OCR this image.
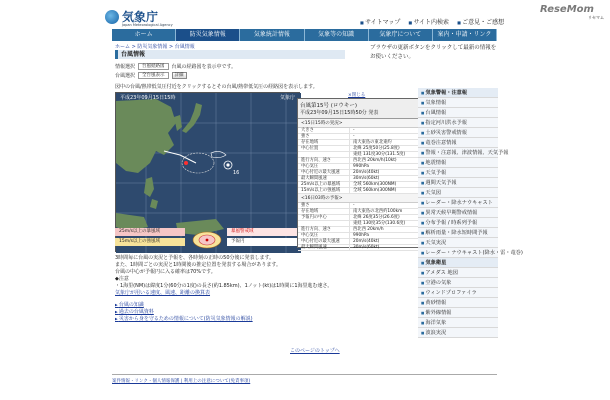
気象庁
Japan Meteorological Agency	■ サイトマップ	■ サイト内検索	■ ご意見・ご感想
ReseMom
リセマム
ホーム	防災気象情報	気象統計情報	気象等の知識	気象庁について	案内・申請・リンク
ホーム > 防災気象情報 > 台風情報
台風情報
情報選択	台風経路図	台風の経路図を表示中です。
台風選択	全台風表示	詳細
図中の台風/熱帯低気圧付近をクリックするとその台風/熱帯低気圧の経路図を表示します。
16
平成23年09月15日15時	気象庁
25m/s以上の暴風域
15m/s以上の強風域
暴風警戒域
予報円
×閉じる
台風第15号 (ロウキー)
平成23年09月15日15時50分 発表
<15日15時の実況>
大きさ	-
強さ	-
存在地域	南大東島の東北東約
中心位置	北緯 25度50分(25.8度)
東経 131度30分(131.5度)
進行方向、速さ	西北西 20km/h(10kt)
中心気圧	990hPa
中心付近の最大風速	20m/s(40kt)
最大瞬間風速	30m/s(60kt)
25m/s以上の暴風域	全域 560km(300NM)
15m/s以上の強風域	全域 560km(300NM)
<16日03時の予報>
強さ	-
存在地域	南大東島の北西約100km
予報円の中心	北緯 26度35分(26.6度)
東経 130度35分(130.6度)
進行方向、速さ	西北西 20km/h
中心気圧	990hPa
中心付近の最大風速	20m/s(40kt)
最大瞬間風速	30m/s(60kt)
3時間毎に台風の実況と予報を、各時刻の正時の50分後に発表します。
また、1時間ごとの実況と1時間後の推定位置を発表する場合があります。
台風の中心が予報円に入る確率は70%です。
◆注意
・1海里(NM)は緯度1分(60分の1度)の長さ(約1.85km)、1ノット(kt)は1時間に1海里進む速さ。
気象庁が用いる速度、風速、距離の換算表
▶ 台風の知識
▶ 過去の台風資料
▶ 災害から身を守るための情報について(防災気象情報の解説)
このページのトップへ
案件情報・リンク・個人情報保護 | 利用上の注意について(免責事項)
ブラウザの更新ボタンをクリックして最新の情報をお使いください。
■ 気象警報・注意報
■ 気象情報
■ 台風情報
■ 指定河川洪水予報
■ 土砂災害警戒情報
■ 竜巻注意情報
■ 警報・注意報、津波情報、天気予報
■ 地震情報
■ 天気予報
■ 週間天気予報
■ 天気図
■ レーダー・降水ナウキャスト
■ 異常天候早期警戒情報
■ 分布予報 / 時系列予報
■ 解析雨量・降水短時間予報
■ 天気実況
■ レーダー・ナウキャスト(降水・雷・竜巻)
■ 気象衛星
■ アメダス 地図
■ 空港の気象
■ ウィンドプロファイラ
■ 黄砂情報
■ 紫外線情報
■ 海洋気象
■ 波浪実況
